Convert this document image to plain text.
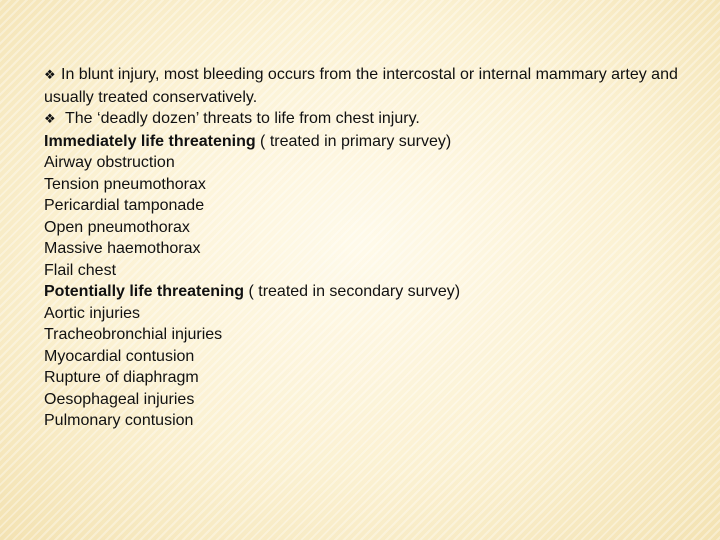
❖ In blunt injury, most bleeding occurs from the intercostal or internal mammary artey and usually treated conservatively.
❖ The ‘deadly dozen’ threats to life from chest injury.
Immediately life threatening ( treated in primary survey)
Airway obstruction
Tension pneumothorax
Pericardial tamponade
Open pneumothorax
Massive haemothorax
Flail chest
Potentially life threatening ( treated in secondary survey)
Aortic injuries
Tracheobronchial injuries
Myocardial contusion
Rupture of diaphragm
Oesophageal injuries
Pulmonary contusion
